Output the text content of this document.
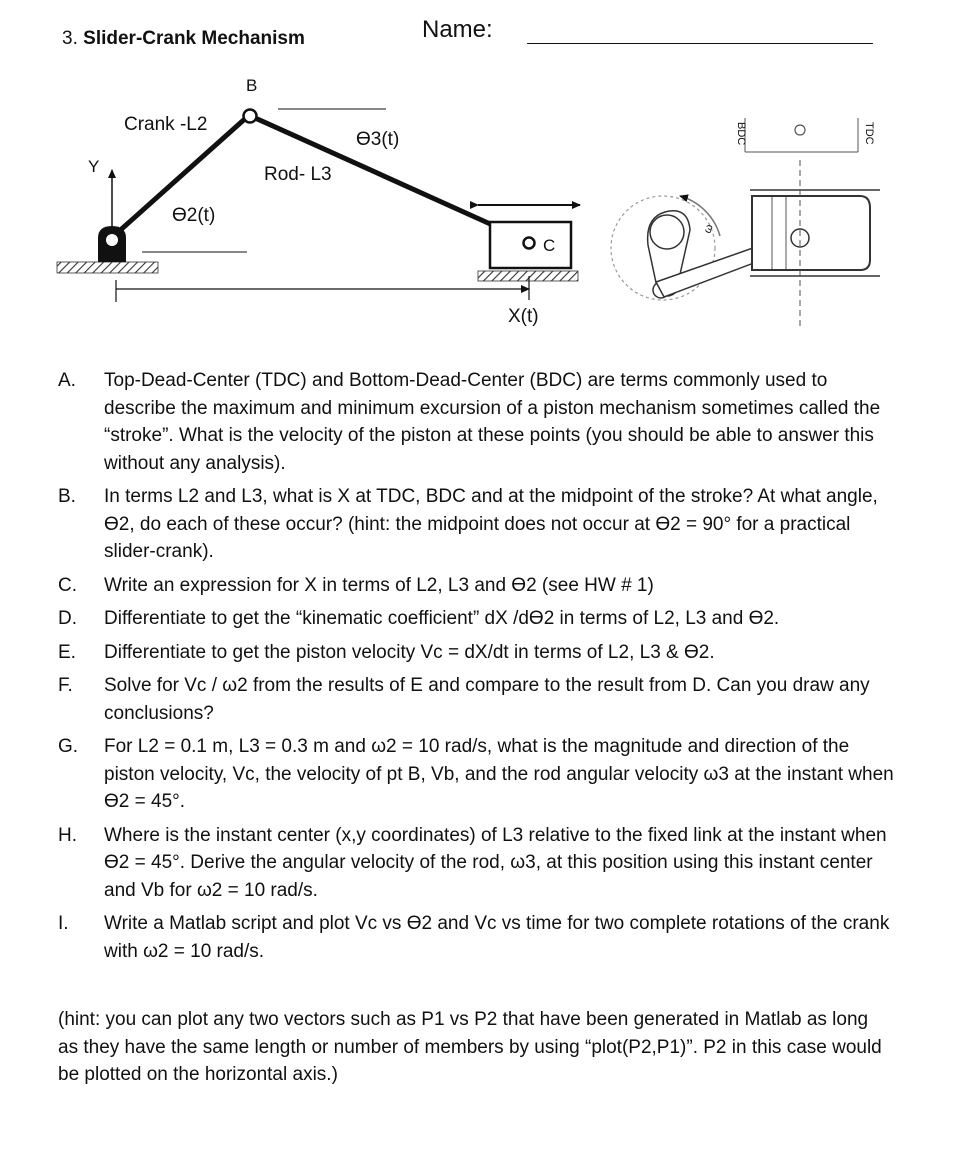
3. Slider-Crank Mechanism	Name:
Y
B
ϴ3(t)
Crank -L2
Rod- L3
ϴ2(t)
C
X(t)
ω
BDC	TDC
A. Top-Dead-Center (TDC) and Bottom-Dead-Center (BDC) are terms commonly used to describe the maximum and minimum excursion of a piston mechanism sometimes called the “stroke”. What is the velocity of the piston at these points (you should be able to answer this without any analysis).
B. In terms L2 and L3, what is X at TDC, BDC and at the midpoint of the stroke? At what angle, ϴ2, do each of these occur? (hint: the midpoint does not occur at ϴ2 = 90° for a practical slider-crank).
C. Write an expression for X in terms of L2, L3 and ϴ2 (see HW # 1)
D. Differentiate to get the “kinematic coefficient” dX /dϴ2 in terms of L2, L3 and ϴ2.
E. Differentiate to get the piston velocity Vc = dX/dt in terms of L2, L3 & ϴ2.
F. Solve for Vc / ω2 from the results of E and compare to the result from D. Can you draw any conclusions?
G. For L2 = 0.1 m, L3 = 0.3 m and ω2 = 10 rad/s, what is the magnitude and direction of the piston velocity, Vc, the velocity of pt B, Vb, and the rod angular velocity ω3 at the instant when ϴ2 = 45°.
H. Where is the instant center (x,y coordinates) of L3 relative to the fixed link at the instant when ϴ2 = 45°. Derive the angular velocity of the rod, ω3, at this position using this instant center and Vb for ω2 = 10 rad/s.
I. Write a Matlab script and plot Vc vs ϴ2 and Vc vs time for two complete rotations of the crank with ω2 = 10 rad/s.
(hint: you can plot any two vectors such as P1 vs P2 that have been generated in Matlab as long as they have the same length or number of members by using “plot(P2,P1)”. P2 in this case would be plotted on the horizontal axis.)
